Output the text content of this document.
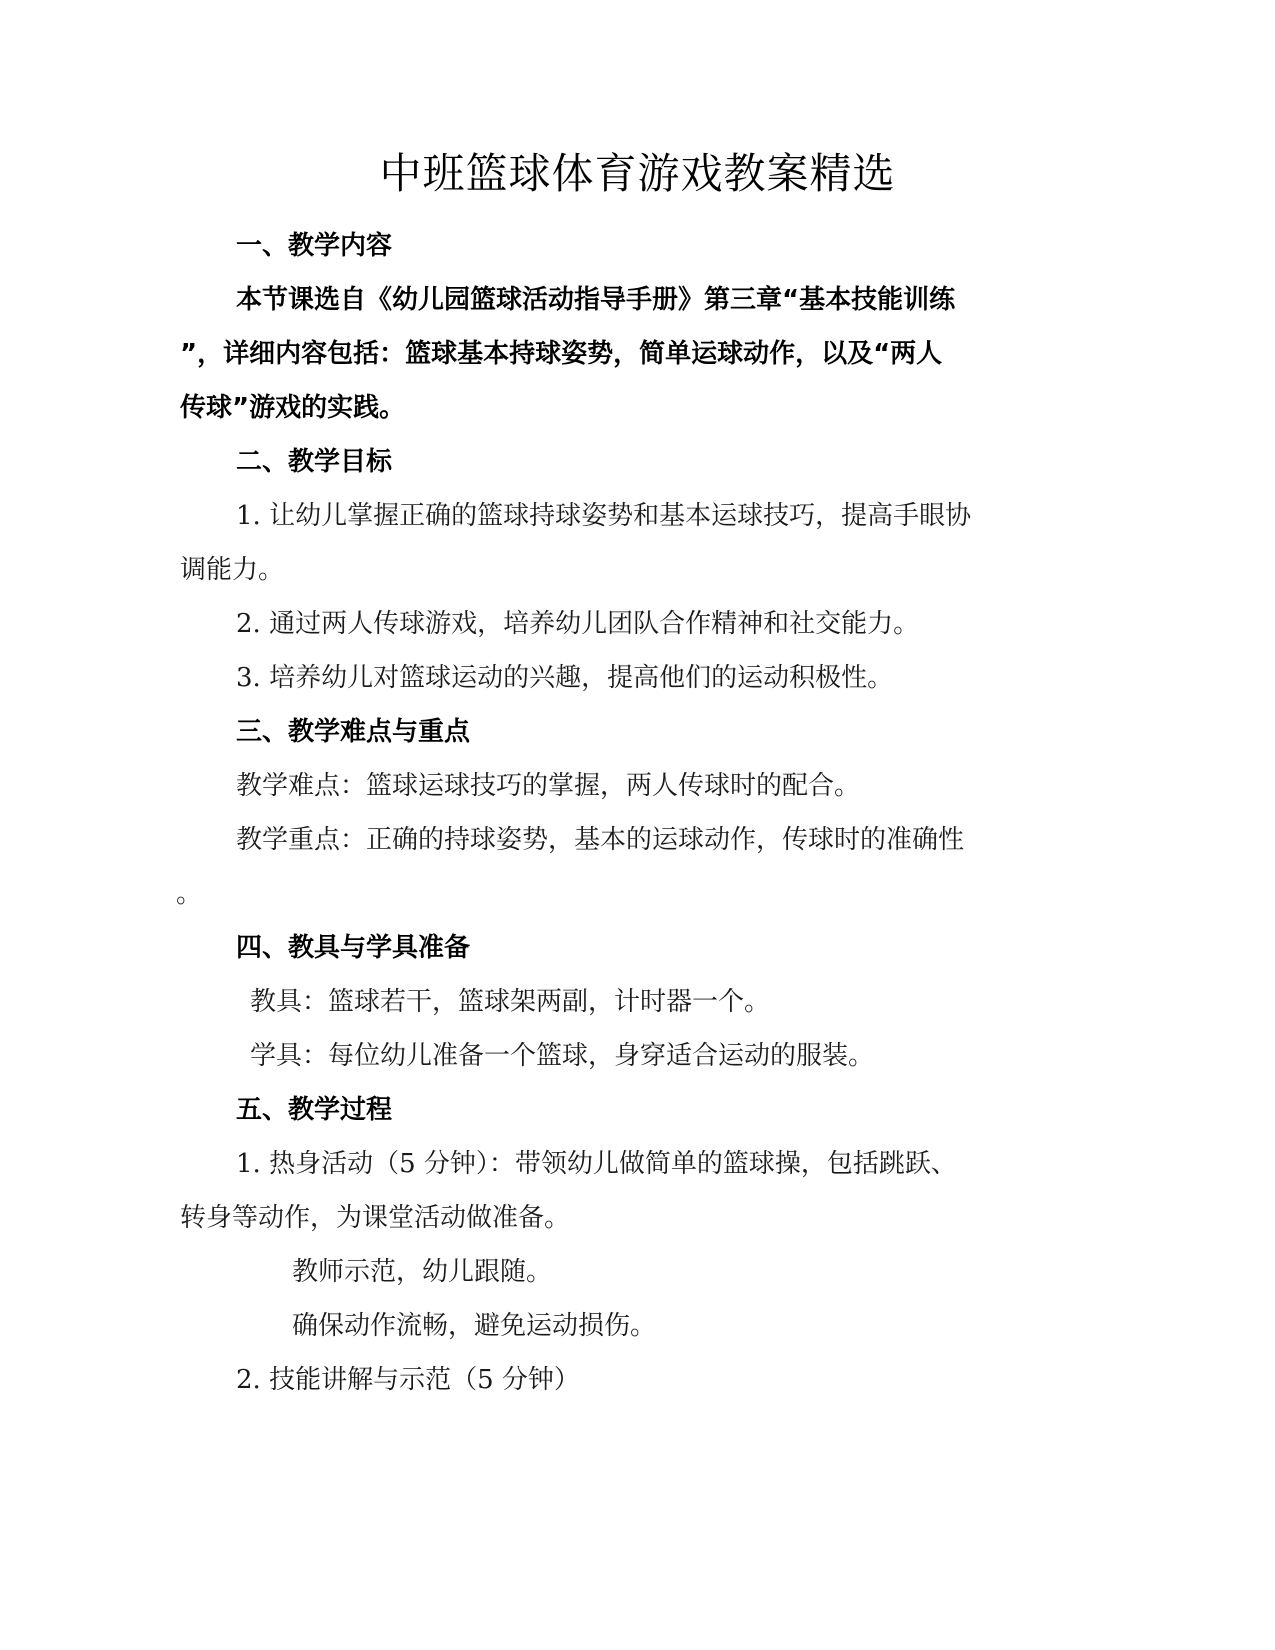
中班篮球体育游戏教案精选
一、教学内容
本节课选自《幼儿园篮球活动指导手册》第三章“基本技能训练
”，详细内容包括：篮球基本持球姿势，简单运球动作，以及“两人
传球”游戏的实践。
二、教学目标
1. 让幼儿掌握正确的篮球持球姿势和基本运球技巧，提高手眼协
调能力。
2. 通过两人传球游戏，培养幼儿团队合作精神和社交能力。
3. 培养幼儿对篮球运动的兴趣，提高他们的运动积极性。
三、教学难点与重点
教学难点：篮球运球技巧的掌握，两人传球时的配合。
教学重点：正确的持球姿势，基本的运球动作，传球时的准确性
。
四、教具与学具准备
教具：篮球若干，篮球架两副，计时器一个。
学具：每位幼儿准备一个篮球，身穿适合运动的服装。
五、教学过程
1. 热身活动（5 分钟）：带领幼儿做简单的篮球操，包括跳跃、
转身等动作，为课堂活动做准备。
教师示范，幼儿跟随。
确保动作流畅，避免运动损伤。
2. 技能讲解与示范（5 分钟）
